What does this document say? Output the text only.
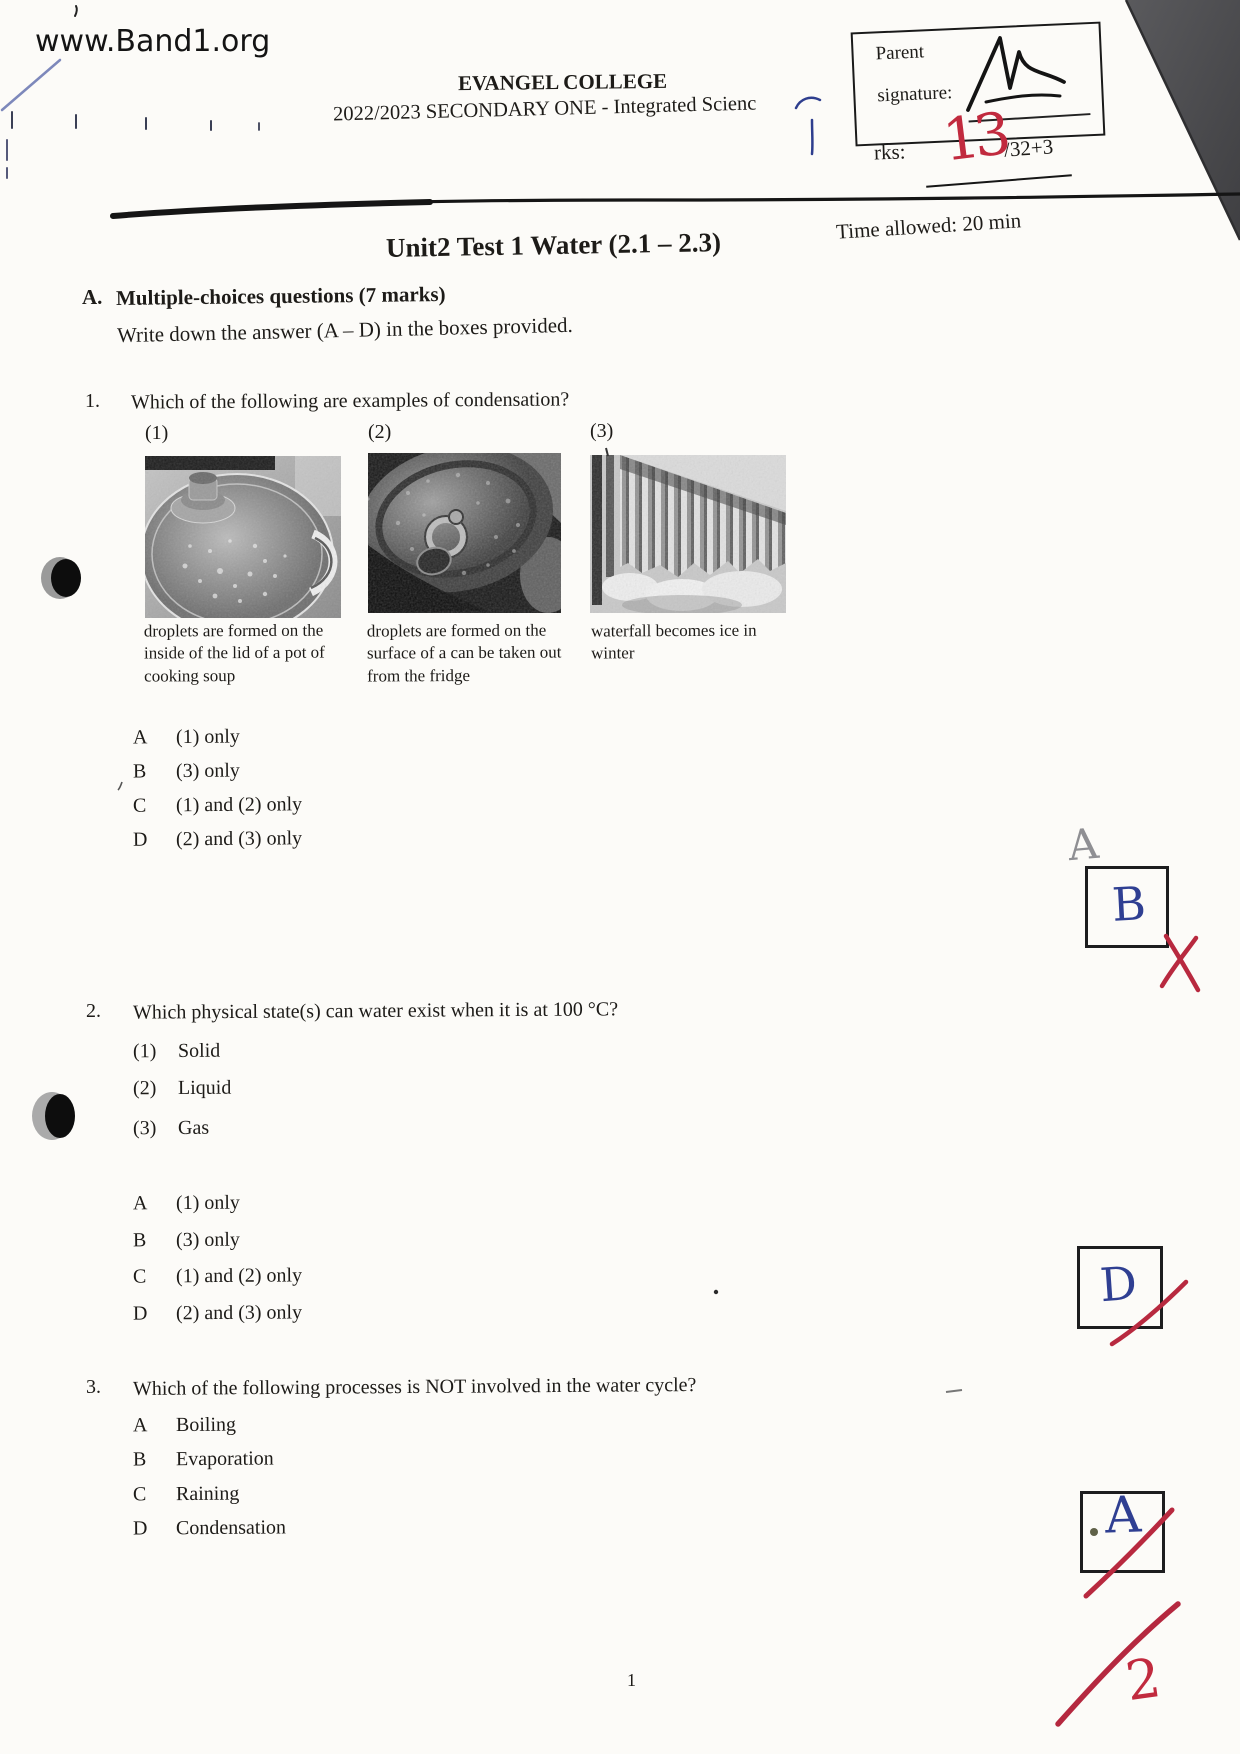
www.Band1.org
EVANGEL COLLEGE
2022/2023 SECONDARY ONE - Integrated Scienc
Parent
signature:
rks: 13
/32+3
Unit2 Test 1 Water (2.1 – 2.3)
Time allowed: 20 min
A. Multiple-choices questions (7 marks)
Write down the answer (A – D) in the boxes provided.
1. Which of the following are examples of condensation?
(1)	(2)	(3)
droplets are formed on the inside of the lid of a pot of cooking soup
droplets are formed on the surface of a can be taken out from the fridge
waterfall becomes ice in winter
A	(1) only
B	(3) only
C	(1) and (2) only
D	(2) and (3) only	A
B
2. Which physical state(s) can water exist when it is at 100 °C?
(1)	Solid
(2)	Liquid
(3)	Gas
A	(1) only
B	(3) only
C	(1) and (2) only
D	(2) and (3) only
D
3. Which of the following processes is NOT involved in the water cycle?
A	Boiling
B	Evaporation
C	Raining
D	Condensation	A
1	2
